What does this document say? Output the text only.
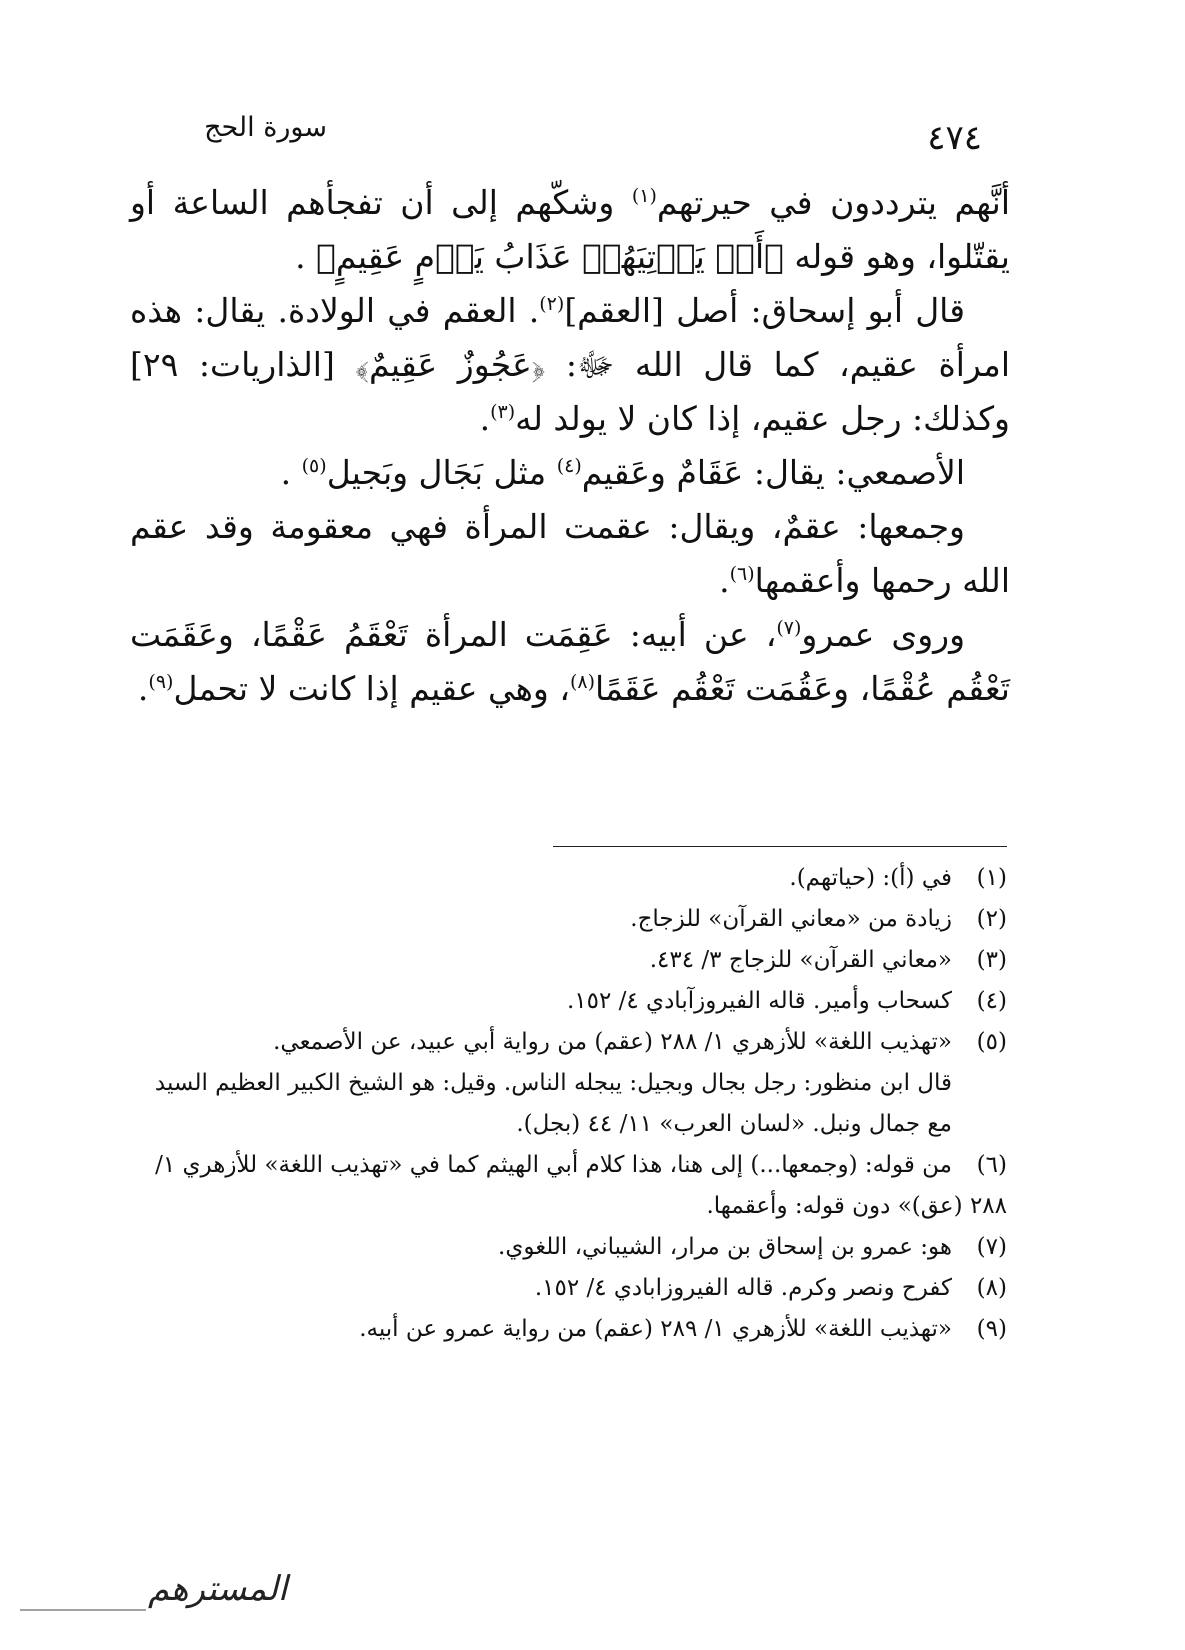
سورة الحج	٤٧٤

أنَّهم يترددون في حيرتهم$^{(١)}$ وشكّهم إلى أن تفجأهم الساعة أو يقتّلوا، وهو قوله ﴿أَوۡ يَأۡتِيَهُمۡ عَذَابُ يَوۡمٍ عَقِيمٍ﴾ .

قال أبو إسحاق: أصل [العقم]$^{(٢)}$. العقم في الولادة. يقال: هذه امرأة عقيم، كما قال الله ﷻ: ﴿عَجُوزٌ عَقِيمٌ﴾ [الذاريات: ٢٩] وكذلك: رجل عقيم، إذا كان لا يولد له$^{(٣)}$.

الأصمعي: يقال: عَقَامٌ وعَقيم$^{(٤)}$ مثل بَجَال وبَجيل$^{(٥)}$ .

وجمعها: عقمٌ، ويقال: عقمت المرأة فهي معقومة وقد عقم الله رحمها وأعقمها$^{(٦)}$.

وروى عمرو$^{(٧)}$، عن أبيه: عَقِمَت المرأة تَعْقَمُ عَقْمًا، وعَقَمَت تَعْقُم عُقْمًا، وعَقُمَت تَعْقُم عَقَمًا$^{(٨)}$، وهي عقيم إذا كانت لا تحمل$^{(٩)}$.

(١)في (أ): (حياتهم).

(٢)زيادة من «معاني القرآن» للزجاج.

(٣)«معاني القرآن» للزجاج ٣/ ٤٣٤.

(٤)كسحاب وأمير. قاله الفيروزآبادي ٤/ ١٥٢.

(٥)«تهذيب اللغة» للأزهري ١/ ٢٨٨ (عقم) من رواية أبي عبيد، عن الأصمعي.

قال ابن منظور: رجل بجال وبجيل: يبجله الناس. وقيل: هو الشيخ الكبير العظيم السيد مع جمال ونبل. «لسان العرب» ١١/ ٤٤ (بجل).

(٦)من قوله: (وجمعها...) إلى هنا، هذا كلام أبي الهيثم كما في «تهذيب اللغة» للأزهري ١/ ٢٨٨ (عق)» دون قوله: وأعقمها.

(٧)هو: عمرو بن إسحاق بن مرار، الشيباني، اللغوي.

(٨)كفرح ونصر وكرم. قاله الفيروزابادي ٤/ ١٥٢.

(٩)«تهذيب اللغة» للأزهري ١/ ٢٨٩ (عقم) من رواية عمرو عن أبيه.

المسترهم
